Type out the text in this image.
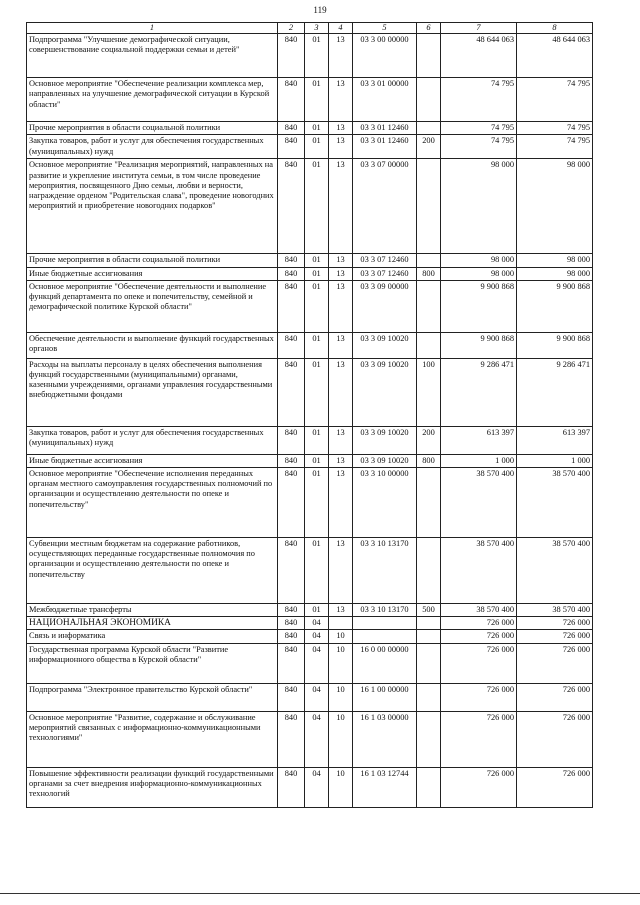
119
1	2	3	4	5	6	7	8
Подпрограмма "Улучшение демографической ситуации, совершенствование социальной поддержки семьи и детей"	840	01	13	03 3 00 00000		48 644 063	48 644 063
Основное мероприятие "Обеспечение реализации комплекса мер, направленных на улучшение демографической ситуации в Курской области"	840	01	13	03 3 01 00000		74 795	74 795
Прочие мероприятия в области социальной политики	840	01	13	03 3 01 12460		74 795	74 795
Закупка товаров, работ и услуг для обеспечения государственных (муниципальных) нужд	840	01	13	03 3 01 12460	200	74 795	74 795
Основное мероприятие "Реализация мероприятий, направленных на развитие и укрепление института семьи, в том числе проведение мероприятия, посвященного Дню семьи, любви и верности, награждение орденом "Родительская слава", проведение новогодних мероприятий и приобретение новогодних подарков"	840	01	13	03 3 07 00000		98 000	98 000
Прочие мероприятия в области социальной политики	840	01	13	03 3 07 12460		98 000	98 000
Иные бюджетные ассигнования	840	01	13	03 3 07 12460	800	98 000	98 000
Основное мероприятие "Обеспечение деятельности и выполнение функций департамента по опеке и попечительству, семейной и демографической политике Курской области"	840	01	13	03 3 09 00000		9 900 868	9 900 868
Обеспечение деятельности и выполнение функций государственных органов	840	01	13	03 3 09 10020		9 900 868	9 900 868
Расходы на выплаты персоналу в целях обеспечения выполнения функций государственными (муниципальными) органами, казенными учреждениями, органами управления государственными внебюджетными фондами	840	01	13	03 3 09 10020	100	9 286 471	9 286 471
Закупка товаров, работ и услуг для обеспечения государственных (муниципальных) нужд	840	01	13	03 3 09 10020	200	613 397	613 397
Иные бюджетные ассигнования	840	01	13	03 3 09 10020	800	1 000	1 000
Основное мероприятие "Обеспечение исполнения переданных органам местного самоуправления государственных полномочий по организации и осуществлению деятельности по опеке и попечительству"	840	01	13	03 3 10 00000		38 570 400	38 570 400
Субвенции местным бюджетам на содержание работников, осуществляющих переданные государственные полномочия по организации и осуществлению деятельности по опеке и попечительству	840	01	13	03 3 10 13170		38 570 400	38 570 400
Межбюджетные трансферты	840	01	13	03 3 10 13170	500	38 570 400	38 570 400
НАЦИОНАЛЬНАЯ ЭКОНОМИКА	840	04				726 000	726 000
Связь и информатика	840	04	10			726 000	726 000
Государственная программа Курской области "Развитие информационного общества в Курской области"	840	04	10	16 0 00 00000		726 000	726 000
Подпрограмма "Электронное правительство Курской области"	840	04	10	16 1 00 00000		726 000	726 000
Основное мероприятие "Развитие, содержание и обслуживание мероприятий связанных с информационно-коммуникационными технологиями"	840	04	10	16 1 03 00000		726 000	726 000
Повышение эффективности реализации функций государственными органами за счет внедрения информационно-коммуникационных технологий	840	04	10	16 1 03 12744		726 000	726 000
